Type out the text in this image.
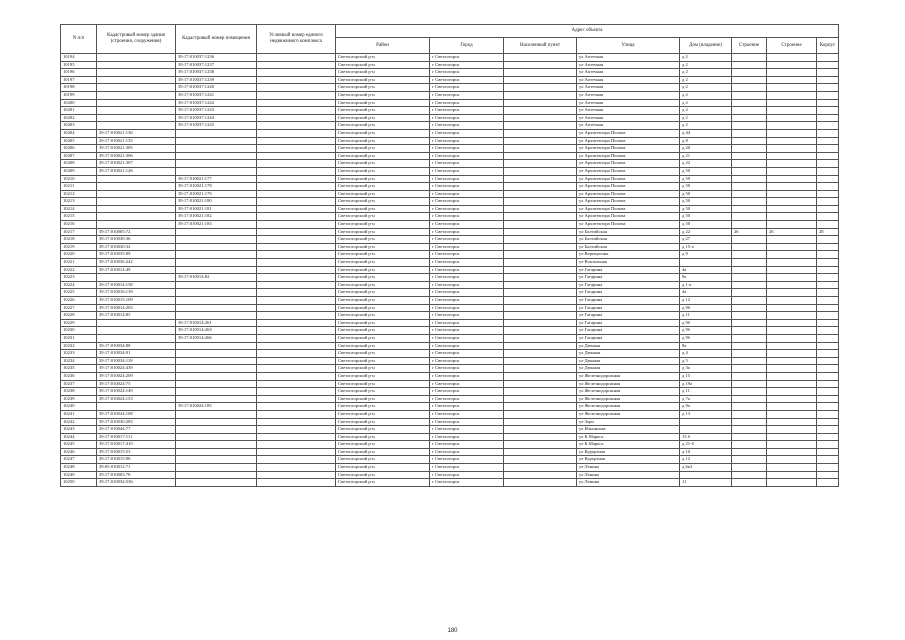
N п/п	Кадастровый номер здания (строения, сооружения)	Кадастровый номер помещения	Условный номер единого недвижимого комплекса	Адрес объекта							
				Район	Город	Населенный пункт	Улица	Дом (владение)	Строение	Строение	Корпус
10194		39:17:010037:1236		Светлогорский р-н	г Светлогорск		ул Аптечная	д 2			
10195		39:17:010037:1237		Светлогорский р-н	г Светлогорск		ул Аптечная	д 2			
10196		39:17:010037:1238		Светлогорский р-н	г Светлогорск		ул Аптечная	д 2			
10197		39:17:010037:1239		Светлогорский р-н	г Светлогорск		ул Аптечная	д 2			
10198		39:17:010037:1240		Светлогорский р-н	г Светлогорск		ул Аптечная	д 2			
10199		39:17:010037:1241		Светлогорский р-н	г Светлогорск		ул Аптечная	д 2			
10200		39:17:010037:1242		Светлогорский р-н	г Светлогорск		ул Аптечная	д 2			
10201		39:17:010037:1243		Светлогорский р-н	г Светлогорск		ул Аптечная	д 2			
10202		39:17:010037:1244		Светлогорский р-н	г Светлогорск		ул Аптечная	д 2			
10203		39:17:010037:1245		Светлогорский р-н	г Светлогорск		ул Аптечная	д 2			
10204	39:17:010021:136			Светлогорский р-н	г Светлогорск		ул Архитектора Попова	д 44			
10205	39:17:010021:135			Светлогорский р-н	г Светлогорск		ул Архитектора Попова	д 8			
10206	39:17:010021:305			Светлогорский р-н	г Светлогорск		ул Архитектора Попова	д 20			
10207	39:17:010021:306			Светлогорский р-н	г Светлогорск		ул Архитектора Попова	д 21			
10208	39:17:010021:307			Светлогорский р-н	г Светлогорск		ул Архитектора Попова	д 22			
10209	39:17:010021:126			Светлогорский р-н	г Светлогорск		ул Архитектора Попова	д 50			
10210		39:17:010021:177		Светлогорский р-н	г Светлогорск		ул Архитектора Попова	д 59			
10211		39:17:010021:178		Светлогорский р-н	г Светлогорск		ул Архитектора Попова	д 50			
10212		39:17:010021:179		Светлогорский р-н	г Светлогорск		ул Архитектора Попова	д 50			
10213		39:17:010021:180		Светлогорский р-н	г Светлогорск		ул Архитектора Попова	д 50			
10214		39:17:010021:181		Светлогорский р-н	г Светлогорск		ул Архитектора Попова	д 50			
10215		39:17:010021:182		Светлогорский р-н	г Светлогорск		ул Архитектора Попова	д 50			
10216		39:17:010021:183		Светлогорский р-н	г Светлогорск		ул Архитектора Попова	д 50			
10217	39:17:010005:72			Светлогорский р-н	г Светлогорск		ул Балтийская	д 22	26	26	28
10218	39:17:010030:36			Светлогорский р-н	г Светлогорск		ул Балтийская	д 27			
10219	39:17:010030:32			Светлогорский р-н	г Светлогорск		ул Балтийская	д 15-а			
10220	39:17:010035:89			Светлогорский р-н	г Светлогорск		ул Верещагина	д 9			
10221	39:17:010036:242			Светлогорский р-н	г Светлогорск		ул Вокзальная				
10222	39:17:010014:49			Светлогорский р-н	г Светлогорск		ул Гагарина	4а			
10223		39:17:010014:82		Светлогорский р-н	г Светлогорск		ул Гагарина	9а			
10224	39:17:010014:158			Светлогорский р-н	г Светлогорск		ул Гагарина	д 1-а			
10225	39:17:010016:139			Светлогорский р-н	г Светлогорск		ул Гагарина	4а			
10226	39:17:010015:109			Светлогорский р-н	г Светлогорск		ул Гагарина	д 12			
10227	39:17:010014:203			Светлогорский р-н	г Светлогорск		ул Гагарина	д 9б			
10228	39:17:010014:85			Светлогорский р-н	г Светлогорск		ул Гагарина	д 11			
10229		39:17:010014:261		Светлогорский р-н	г Светлогорск		ул Гагарина	д 9б			
10230		39:17:010014:263		Светлогорский р-н	г Светлогорск		ул Гагарина	д 9б			
10231		39:17:010014:266		Светлогорский р-н	г Светлогорск		ул Гагарина	д 9б			
10232	39:17:010034:88			Светлогорский р-н	г Светлогорск		ул Дюнная	8а			
10233	39:17:010034:91			Светлогорский р-н	г Светлогорск		ул Дюнная	д 4			
10234	39:17:010034:118			Светлогорский р-н	г Светлогорск		ул Дюнная	д 5			
10235	39:17:010024:439			Светлогорский р-н	г Светлогорск		ул Дюнная	д 3а			
10236	39:17:010024:209			Светлогорский р-н	г Светлогорск		ул Железнодорожная	д 15			
10237	39:17:010024:75			Светлогорский р-н	г Светлогорск		ул Железнодорожная	д 19а			
10238	39:17:010024:149			Светлогорский р-н	г Светлогорск		ул Железнодорожная	д 11			
10239	39:17:010024:153			Светлогорский р-н	г Светлогорск		ул Железнодорожная	д 7а			
10240		39:17:010024:185		Светлогорский р-н	г Светлогорск		ул Железнодорожная	д 9а			
10241	39:17:010024:108			Светлогорский р-н	г Светлогорск		ул Железнодорожная	д 13			
10242	39:17:010030:283			Светлогорский р-н	г Светлогорск		ул Зори				
10243	39:17:010044:77			Светлогорский р-н	г Светлогорск		ул Ильинская				
10244	39:17:010017:111			Светлогорский р-н	г Светлогорск		ул К.Маркса	13 б			
10245	39:17:010017:410			Светлогорский р-н	г Светлогорск		ул К.Маркса	д 21-б			
10246	39:17:010015:53			Светлогорский р-н	г Светлогорск		ул Курортная	д 10			
10247	39:17:010015:96			Светлогорский р-н	г Светлогорск		ул Курортная	д 12			
10248	39:05:010012:71			Светлогорский р-н	г Светлогорск		ул Ленина	д 6к3			
10249	39:17:010003:78			Светлогорский р-н	г Светлогорск		ул Ленина				
10250	39:17:010034:536			Светлогорский р-н	г Светлогорск		ул Ленина	11			
180
